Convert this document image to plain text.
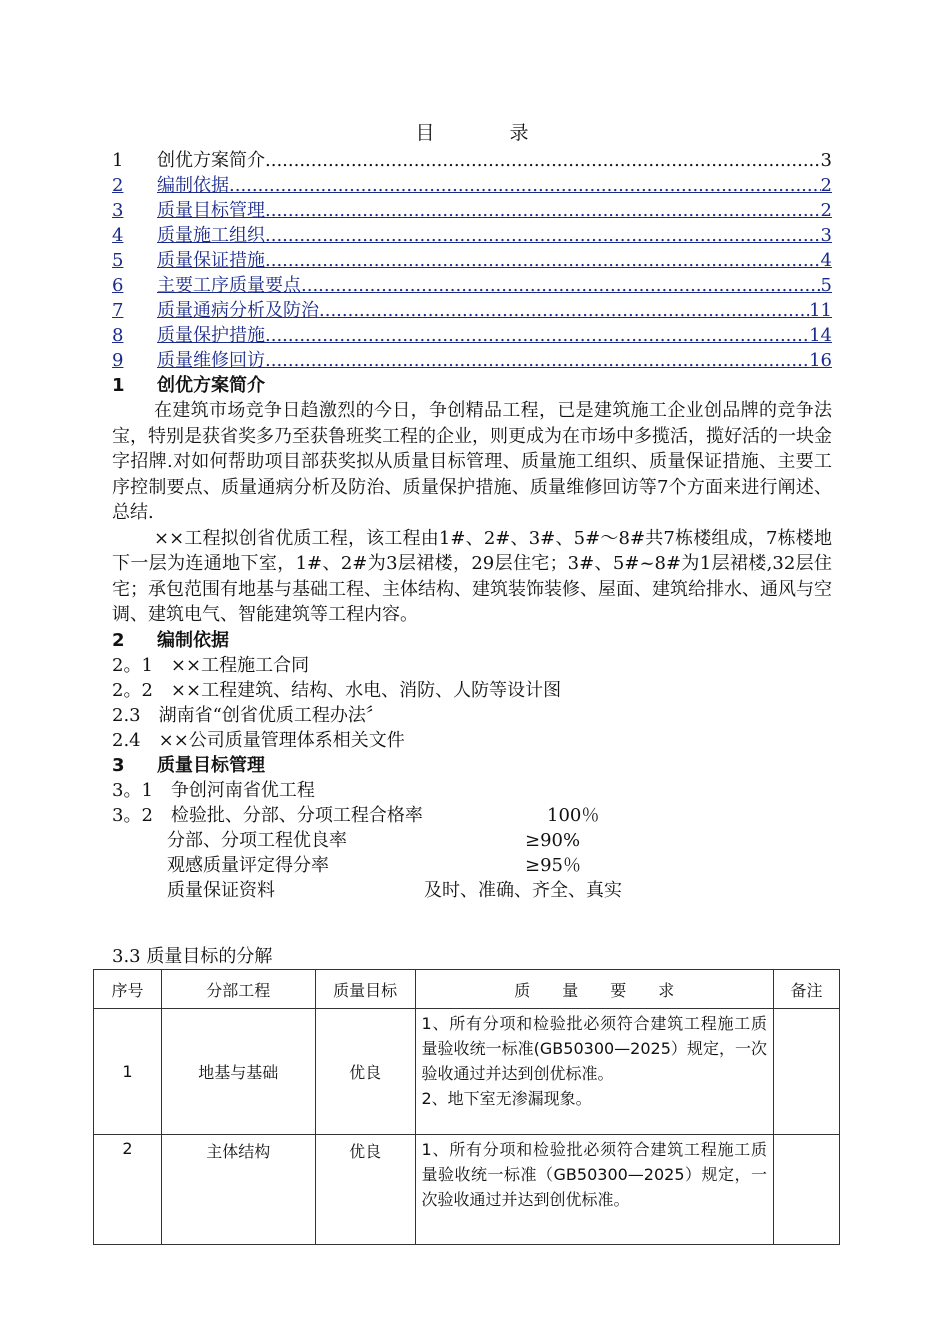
目　录
1	创优方案简介 .....	3
2	编制依据 .....	2
3	质量目标管理 .....	2
4	质量施工组织 .....	3
5	质量保证措施 .....	4
6	主要工序质量要点 .....	5
7	质量通病分析及防治 .....	11
8	质量保护措施 .....	14
9	质量维修回访 .....	16
1	创优方案简介

在建筑市场竞争日趋激烈的今日，争创精品工程，已是建筑施工企业创品牌的竞争法宝，特别是获省奖多乃至获鲁班奖工程的企业，则更成为在市场中多揽活，揽好活的一块金字招牌.对如何帮助项目部获奖拟从质量目标管理、质量施工组织、质量保证措施、主要工序控制要点、质量通病分析及防治、质量保护措施、质量维修回访等7个方面来进行阐述、总结.

××工程拟创省优质工程，该工程由1#、2#、3#、5#～8#共7栋楼组成，7栋楼地下一层为连通地下室，1#、2#为3层裙楼，29层住宅；3#、5#~8#为1层裙楼,32层住宅；承包范围有地基与基础工程、主体结构、建筑装饰装修、屋面、建筑给排水、通风与空调、建筑电气、智能建筑等工程内容。

2	编制依据
2。1　××工程施工合同
2。2　××工程建筑、结构、水电、消防、人防等设计图
2.3　湖南省“创省优质工程办法〞
2.4　××公司质量管理体系相关文件
3	质量目标管理
3。1　争创河南省优工程
3。2　检验批、分部、分项工程合格率	100％
分部、分项工程优良率	≥90%
观感质量评定得分率	≥95％
质量保证资料	及时、准确、齐全、真实
3.3 质量目标的分解
序号	分部工程	质量目标	质　　量　　要　　求	备注
1	地基与基础	优良	1、所有分项和检验批必须符合建筑工程施工质量验收统一标准(GB50300—2025）规定，一次验收通过并达到创优标准。
2、地下室无渗漏现象。	

2	主体结构	优良	1、所有分项和检验批必须符合建筑工程施工质量验收统一标准（GB50300—2025）规定，一次验收通过并达到创优标准。	
